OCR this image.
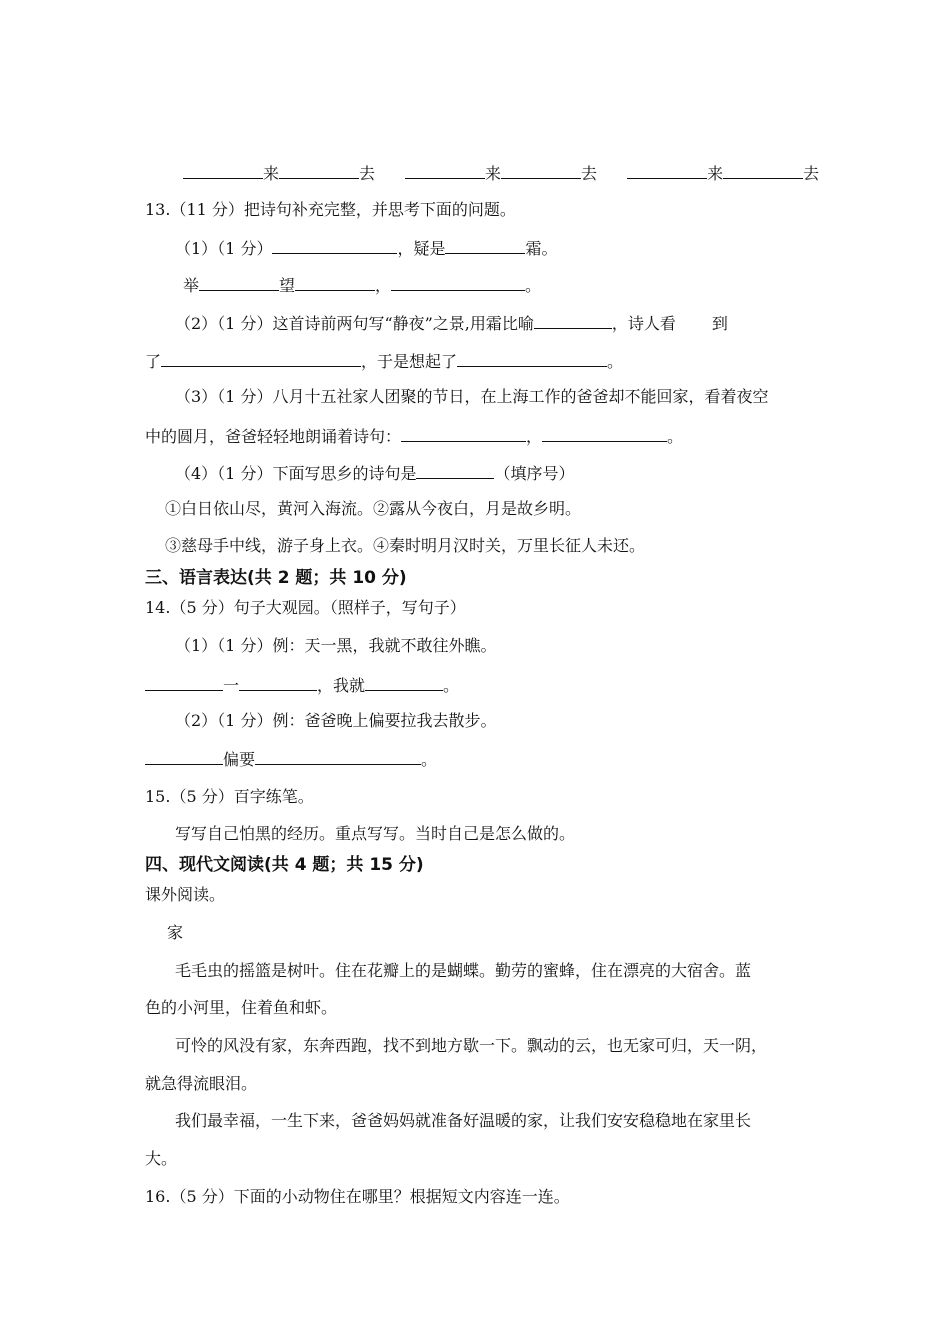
来	去	来	去	来	去
13.（11 分）把诗句补充完整，并思考下面的问题。
（1）（1 分）	，疑是	霜。
举	望	，	。
（2）（1 分）这首诗前两句写“静夜”之景,用霜比喻	，诗人看 到
了	，于是想起了	。
（3）（1 分）八月十五社家人团聚的节日，在上海工作的爸爸却不能回家，看着夜空
中的圆月，爸爸轻轻地朗诵着诗句：	，	。
（4）（1 分）下面写思乡的诗句是	（填序号）
①白日依山尽，黄河入海流。②露从今夜白，月是故乡明。
③慈母手中线，游子身上衣。④秦时明月汉时关，万里长征人未还。
三、语言表达(共 2 题；共 10 分)
14.（5 分）句子大观园。（照样子，写句子）
（1）（1 分）例：天一黑，我就不敢往外瞧。
一	，我就	。
（2）（1 分）例：爸爸晚上偏要拉我去散步。
偏要	。
15.（5 分）百字练笔。
写写自己怕黑的经历。重点写写。当时自己是怎么做的。
四、现代文阅读(共 4 题；共 15 分)
课外阅读。
家
毛毛虫的摇篮是树叶。住在花瓣上的是蝴蝶。勤劳的蜜蜂，住在漂亮的大宿舍。蓝
色的小河里，住着鱼和虾。
可怜的风没有家，东奔西跑，找不到地方歇一下。飘动的云，也无家可归，天一阴，
就急得流眼泪。
我们最幸福，一生下来，爸爸妈妈就准备好温暖的家，让我们安安稳稳地在家里长
大。
16.（5 分）下面的小动物住在哪里？根据短文内容连一连。
